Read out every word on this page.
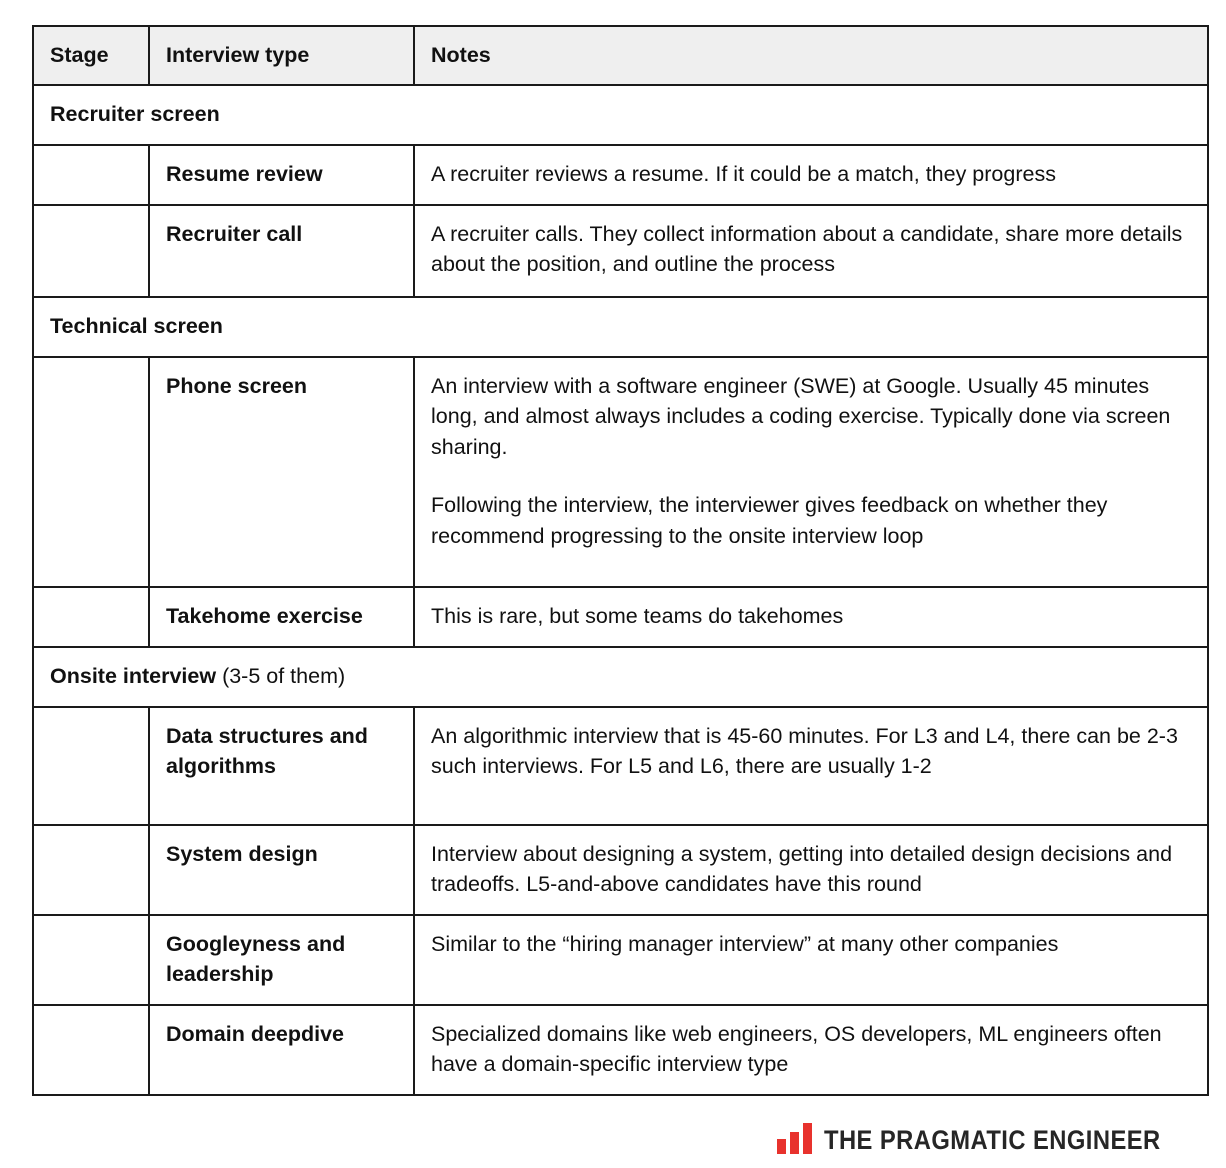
Stage	Interview type	Notes
Recruiter screen		
	Resume review	A recruiter reviews a resume. If it could be a match, they progress

	Recruiter call	A recruiter calls. They collect information about a candidate, share more details about the position, and outline the process

Technical screen		
	Phone screen	An interview with a software engineer (SWE) at Google. Usually 45 minutes long, and almost always includes a coding exercise. Typically done via screen sharing.

Following the interview, the interviewer gives feedback on whether they recommend progressing to the onsite interview loop

	Takehome exercise	This is rare, but some teams do takehomes

Onsite interview (3-5 of them)		
	Data structures and algorithms	An algorithmic interview that is 45-60 minutes. For L3 and L4, there can be 2-3 such interviews. For L5 and L6, there are usually 1-2

	System design	Interview about designing a system, getting into detailed design decisions and tradeoffs. L5-and-above candidates have this round

	Googleyness and leadership	Similar to the “hiring manager interview” at many other companies

	Domain deepdive	Specialized domains like web engineers, OS developers, ML engineers often have a domain-specific interview type

THE PRAGMATIC ENGINEER
